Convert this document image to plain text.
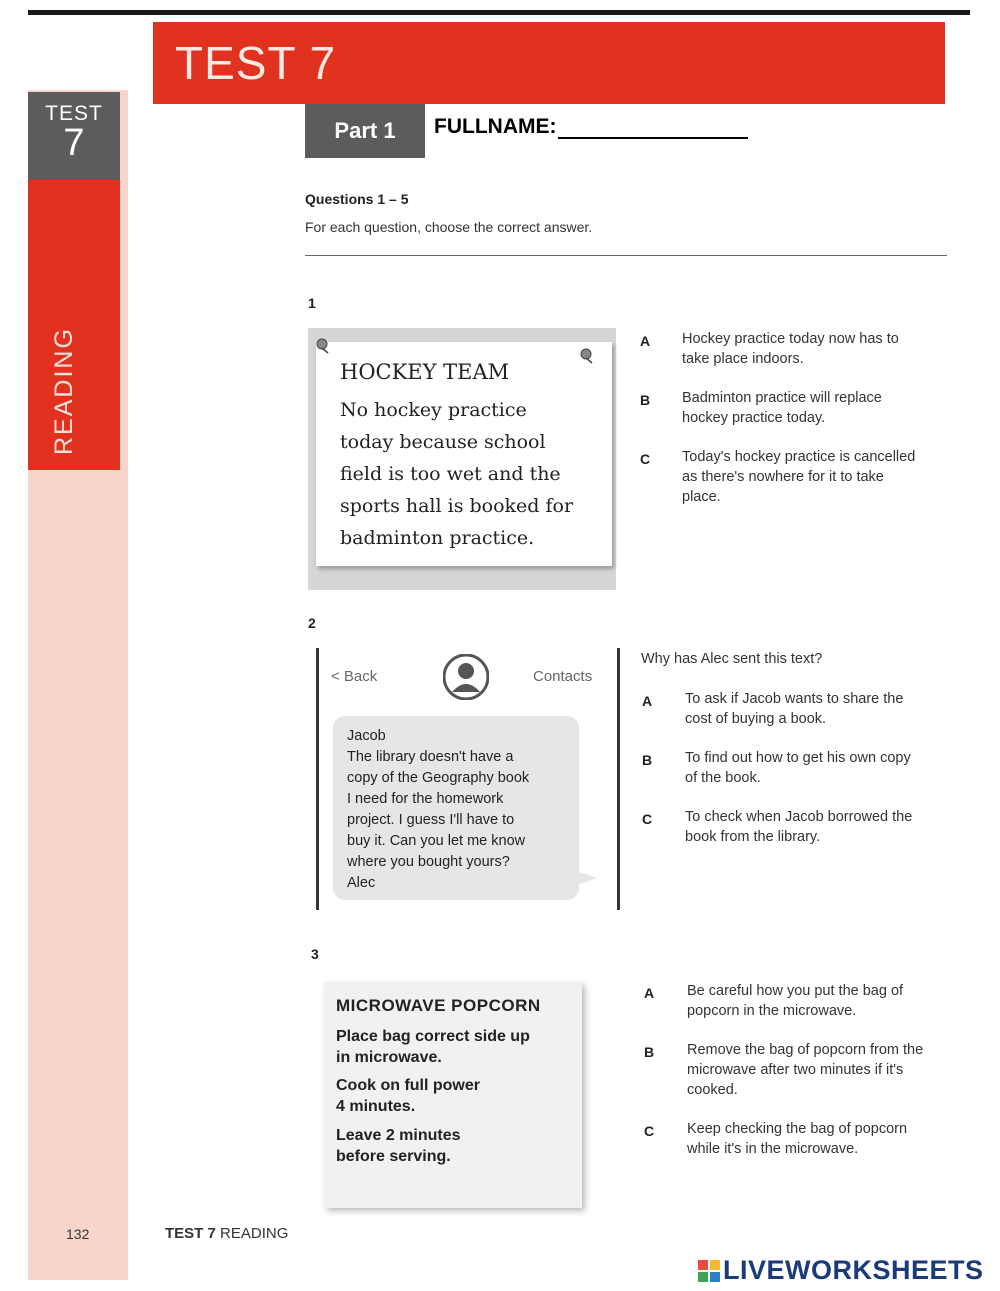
TEST 7
TEST
7
READING
Part 1	FULLNAME:
Questions 1 – 5
For each question, choose the correct answer.
1
HOCKEY TEAM
No hockey practice
today because school
field is too wet and the
sports hall is booked for
badminton practice.
A Hockey practice today now has to
take place indoors.
B Badminton practice will replace
hockey practice today.
C Today's hockey practice is cancelled
as there's nowhere for it to take
place.
2
< Back	Contacts
Jacob
The library doesn't have a
copy of the Geography book
I need for the homework
project. I guess I'll have to
buy it. Can you let me know
where you bought yours?
Alec
Why has Alec sent this text?
A To ask if Jacob wants to share the
cost of buying a book.
B To find out how to get his own copy
of the book.
C To check when Jacob borrowed the
book from the library.
3
MICROWAVE POPCORN
Place bag correct side up
in microwave.
Cook on full power
4 minutes.
Leave 2 minutes
before serving.
A Be careful how you put the bag of
popcorn in the microwave.
B Remove the bag of popcorn from the
microwave after two minutes if it's
cooked.
C Keep checking the bag of popcorn
while it's in the microwave.
132	TEST 7 READING
LIVEWORKSHEETS
